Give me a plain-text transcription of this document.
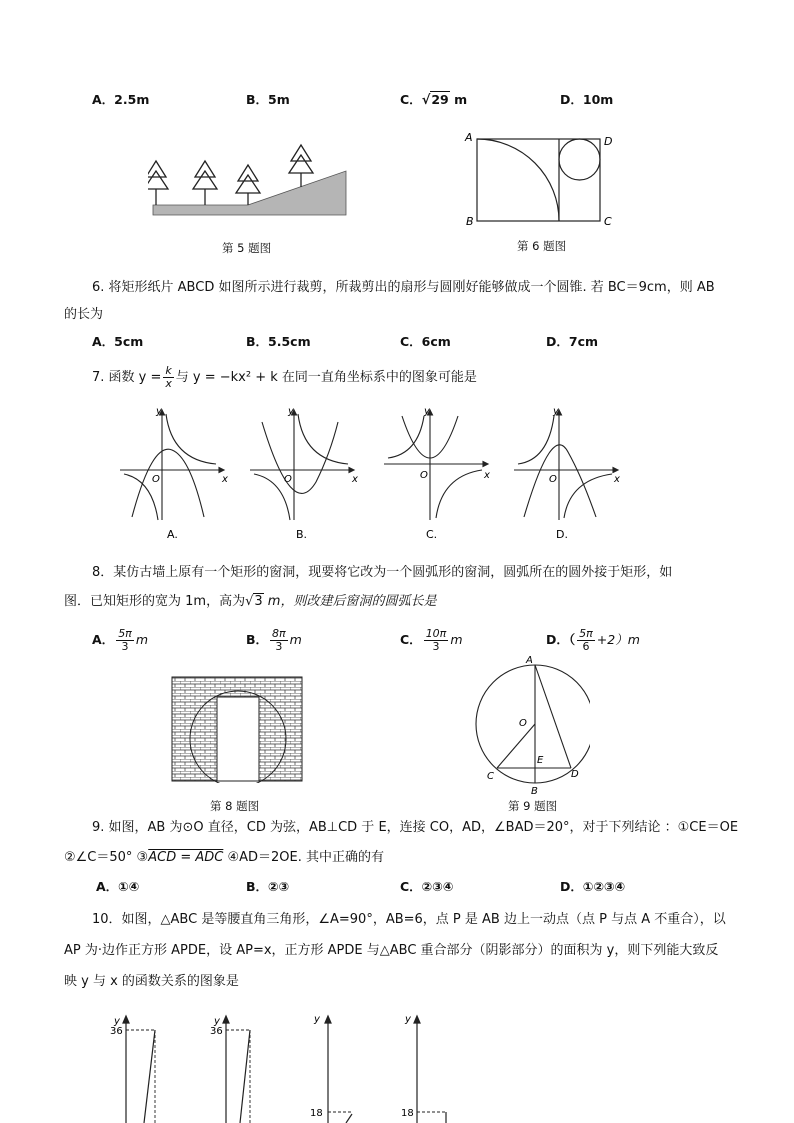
A．2.5m	B．5m	C．√29 m	D．10m
第 5 题图
A	D
B	C
第 6 题图
6. 将矩形纸片 ABCD 如图所示进行裁剪，所裁剪出的扇形与圆刚好能够做成一个圆锥. 若 BC＝9cm，则 AB
的长为
A．5cm	B．5.5cm	C．6cm	D．7cm
7. 函数 $y = \frac{k}{x}$ 与 y = −kx² + k 在同一直角坐标系中的图象可能是
y
x
O
A.
y
x
O
B.
y
x
O
C.
y
x
O
D.
8．某仿古墙上原有一个矩形的窗洞，现要将它改为一个圆弧形的窗洞，圆弧所在的圆外接于矩形，如
图．已知矩形的宽为 1m，高为√3 m，则改建后窗洞的圆弧长是
A． $\frac{5\pi}{3}$ m	B． $\frac{8\pi}{3}$ m	C． $\frac{10\pi}{3}$ m	D．（ $\frac{5\pi}{6} +2)m$
第 8 题图
A
O
E
C
B
D
第 9 题图
9. 如图，AB 为⊙O 直径，CD 为弦，AB⊥CD 于 E，连接 CO，AD，∠BAD＝20°，对于下列结论 ：①CE＝OE
②∠C＝50° ③ACD = ADC ④AD＝2OE. 其中正确的有
A．①④	B．②③	C．②③④	D．①②③④
10．如图，△ABC 是等腰直角三角形，∠A=90°，AB=6，点 P 是 AB 边上一动点（点 P 与点 A 不重合），以
AP 为·边作正方形 APDE，设 AP=x，正方形 APDE 与△ABC 重合部分（阴影部分）的面积为 y，则下列能大致反
映 y 与 x 的函数关系的图象是
y
36
y
36
y
18
y
18
